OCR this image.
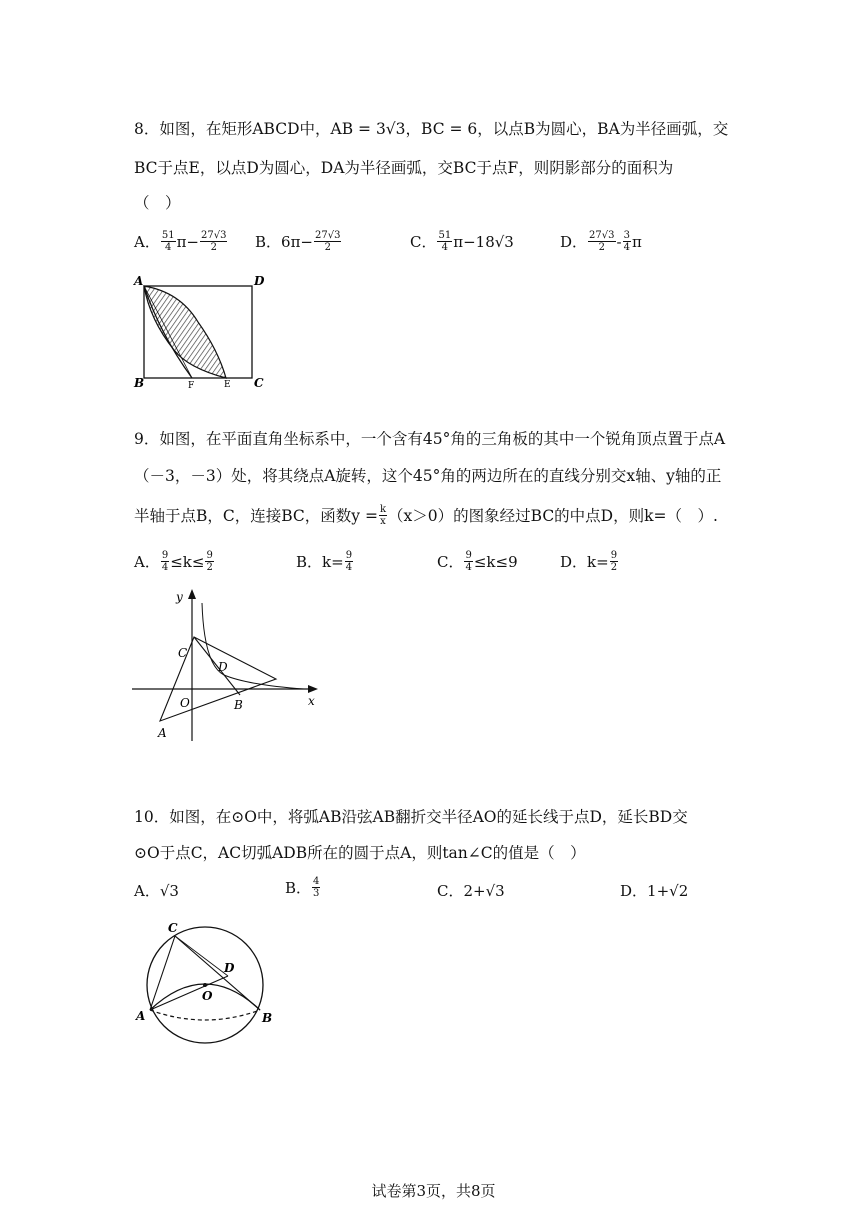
8．如图，在矩形ABCD中，AB = 3√3，BC = 6，以点B为圆心，BA为半径画弧，交
BC于点E，以点D为圆心，DA为半径画弧，交BC于点F，则阴影部分的面积为
（　）
A． $\frac{51}{4} \pi- \frac{27√3}{2}$ B． $6\pi- \frac{27√3}{2}$	C． $\frac{51}{4} \pi-18√3$	D． $\frac{27√3}{2} - \frac{3}{4}$ π
A	D
B	F	E C
9．如图，在平面直角坐标系中，一个含有45°角的三角板的其中一个锐角顶点置于点A
（－3，－3）处，将其绕点A旋转，这个45°角的两边所在的直线分别交x轴、y轴的正
半轴于点B，C，连接BC，函数$y = \frac{k}{x} (x>0)$的图象经过BC的中点D，则k=（　）.
A． $\frac{9}{4} \le k\le \frac{9}{2}$	B． $k= \frac{9}{4}$	C． $\frac{9}{4} \le k\le 9$	D． $k= \frac{9}{2}$
y
x
C
D
O	B
A
10．如图，在⊙O中，将弧AB沿弦AB翻折交半径AO的延长线于点D，延长BD交
⊙O于点C，AC切弧ADB所在的圆于点A，则tan∠C的值是（　）
A． √3	B． $\frac{4}{3}$	C． 2+√3	D． 1+√2
C
D
O
A	B
试卷第3页，共8页
